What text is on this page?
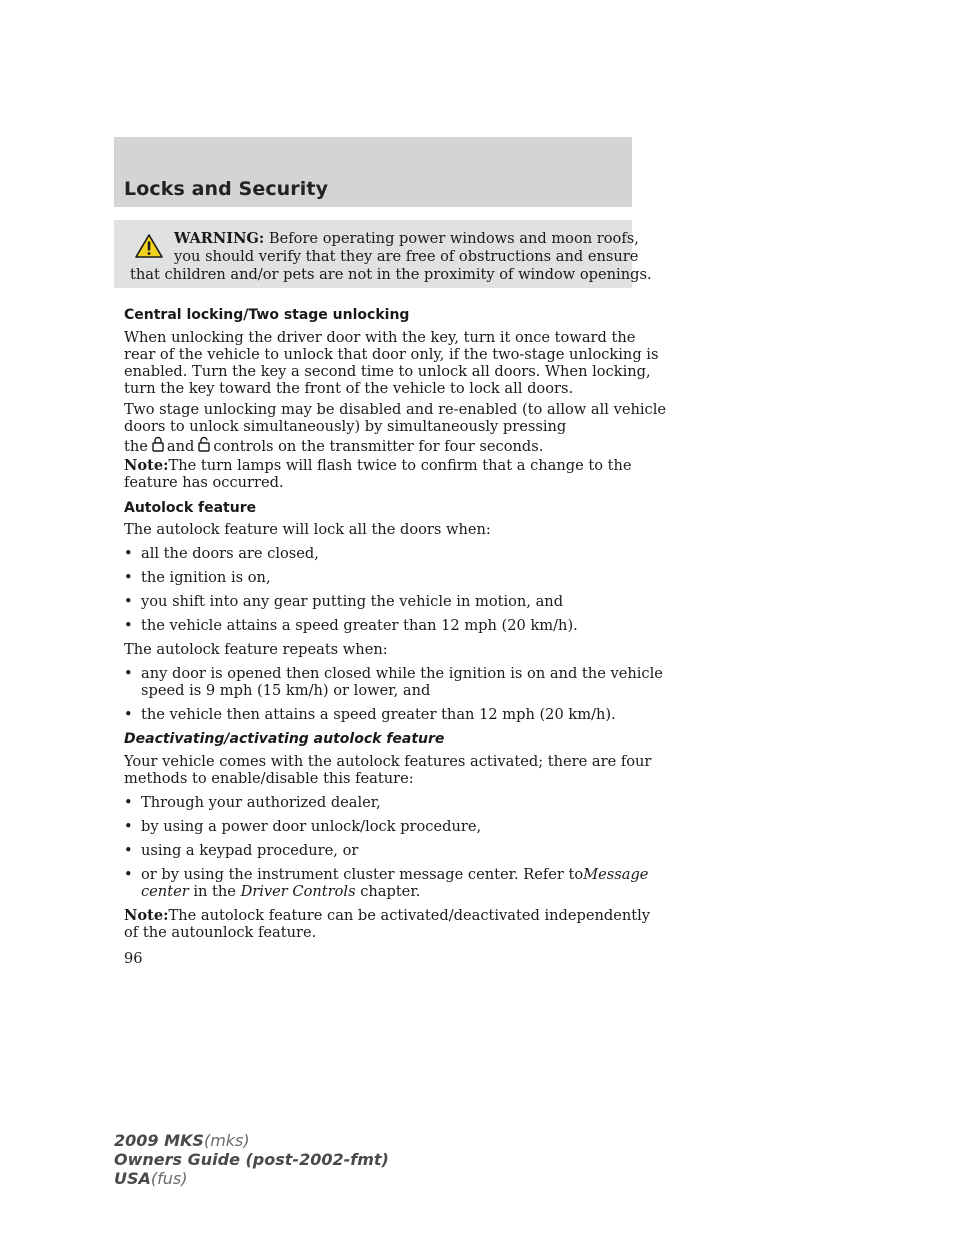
Locks and Security
WARNING: Before operating power windows and moon roofs,
you should verify that they are free of obstructions and ensure
that children and/or pets are not in the proximity of window openings.
Central locking/Two stage unlocking
When unlocking the driver door with the key, turn it once toward the
rear of the vehicle to unlock that door only, if the two-stage unlocking is
enabled. Turn the key a second time to unlock all doors. When locking,
turn the key toward the front of the vehicle to lock all doors.
Two stage unlocking may be disabled and re-enabled (to allow all vehicle
doors to unlock simultaneously) by simultaneously pressing
the and controls on the transmitter for four seconds.
Note:The turn lamps will flash twice to confirm that a change to the
feature has occurred.
Autolock feature
The autolock feature will lock all the doors when:
• all the doors are closed,
• the ignition is on,
• you shift into any gear putting the vehicle in motion, and
• the vehicle attains a speed greater than 12 mph (20 km/h).
The autolock feature repeats when:
• any door is opened then closed while the ignition is on and the vehicle
speed is 9 mph (15 km/h) or lower, and
• the vehicle then attains a speed greater than 12 mph (20 km/h).
Deactivating/activating autolock feature
Your vehicle comes with the autolock features activated; there are four
methods to enable/disable this feature:
• Through your authorized dealer,
• by using a power door unlock/lock procedure,
• using a keypad procedure, or
• or by using the instrument cluster message center. Refer toMessage
center in the Driver Controls chapter.
Note:The autolock feature can be activated/deactivated independently
of the autounlock feature.
96
2009 MKS(mks)
Owners Guide (post-2002-fmt)
USA(fus)
